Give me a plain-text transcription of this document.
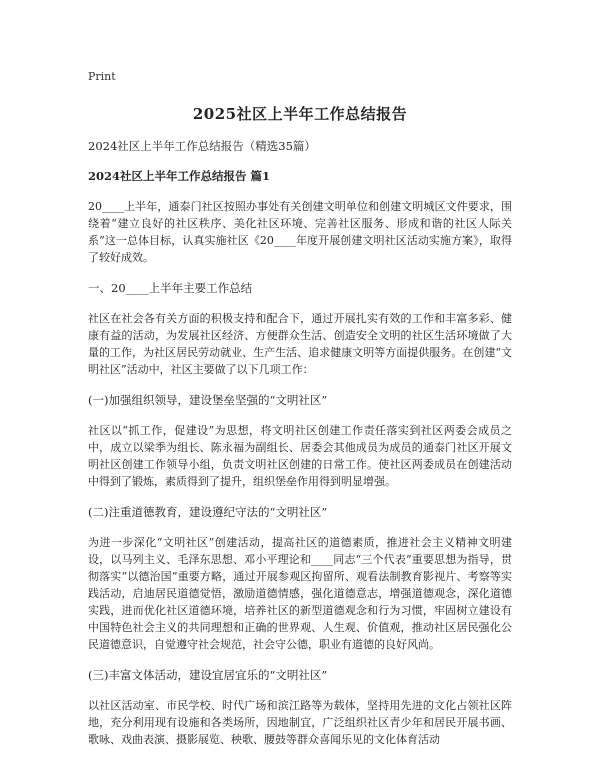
Print
2025社区上半年工作总结报告
2024社区上半年工作总结报告（精选35篇）
2024社区上半年工作总结报告 篇1

20____上半年，通泰门社区按照办事处有关创建文明单位和创建文明城区文件要求，围绕着“建立良好的社区秩序、美化社区环境、完善社区服务、形成和谐的社区人际关系”这一总体目标，认真实施社区《20____年度开展创建文明社区活动实施方案》，取得了较好成效。

一、20____上半年主要工作总结

社区在社会各有关方面的积极支持和配合下，通过开展扎实有效的工作和丰富多彩、健康有益的活动，为发展社区经济、方便群众生活、创造安全文明的社区生活环境做了大量的工作，为社区居民劳动就业、生产生活、追求健康文明等方面提供服务。在创建“文明社区”活动中，社区主要做了以下几项工作：

(一)加强组织领导，建设堡垒坚强的“文明社区”

社区以“抓工作，促建设”为思想，将文明社区创建工作责任落实到社区两委会成员之中，成立以梁季为组长、陈永福为副组长、居委会其他成员为成员的通泰门社区开展文明社区创建工作领导小组，负责文明社区创建的日常工作。使社区两委成员在创建活动中得到了锻炼，素质得到了提升，组织堡垒作用得到明显增强。

(二)注重道德教育，建设遵纪守法的“文明社区”

为进一步深化“文明社区”创建活动，提高社区的道德素质，推进社会主义精神文明建设，以马列主义、毛泽东思想、邓小平理论和____同志“三个代表”重要思想为指导，贯彻落实“以德治国”重要方略，通过开展参观区拘留所、观看法制教育影视片、考察等实践活动，启迪居民道德觉悟，激励道德情感，强化道德意志，增强道德观念，深化道德实践，进而优化社区道德环境，培养社区的新型道德观念和行为习惯，牢固树立建设有中国特色社会主义的共同理想和正确的世界观、人生观、价值观，推动社区居民强化公民道德意识，自觉遵守社会规范，社会守公德，职业有道德的良好风尚。

(三)丰富文体活动，建设宜居宜乐的“文明社区”

以社区活动室、市民学校、时代广场和滨江路等为载体，坚持用先进的文化占领社区阵地，充分利用现有设施和各类场所，因地制宜，广泛组织社区青少年和居民开展书画、歌咏、戏曲表演、摄影展览、秧歌、腰鼓等群众喜闻乐见的文化体育活动
